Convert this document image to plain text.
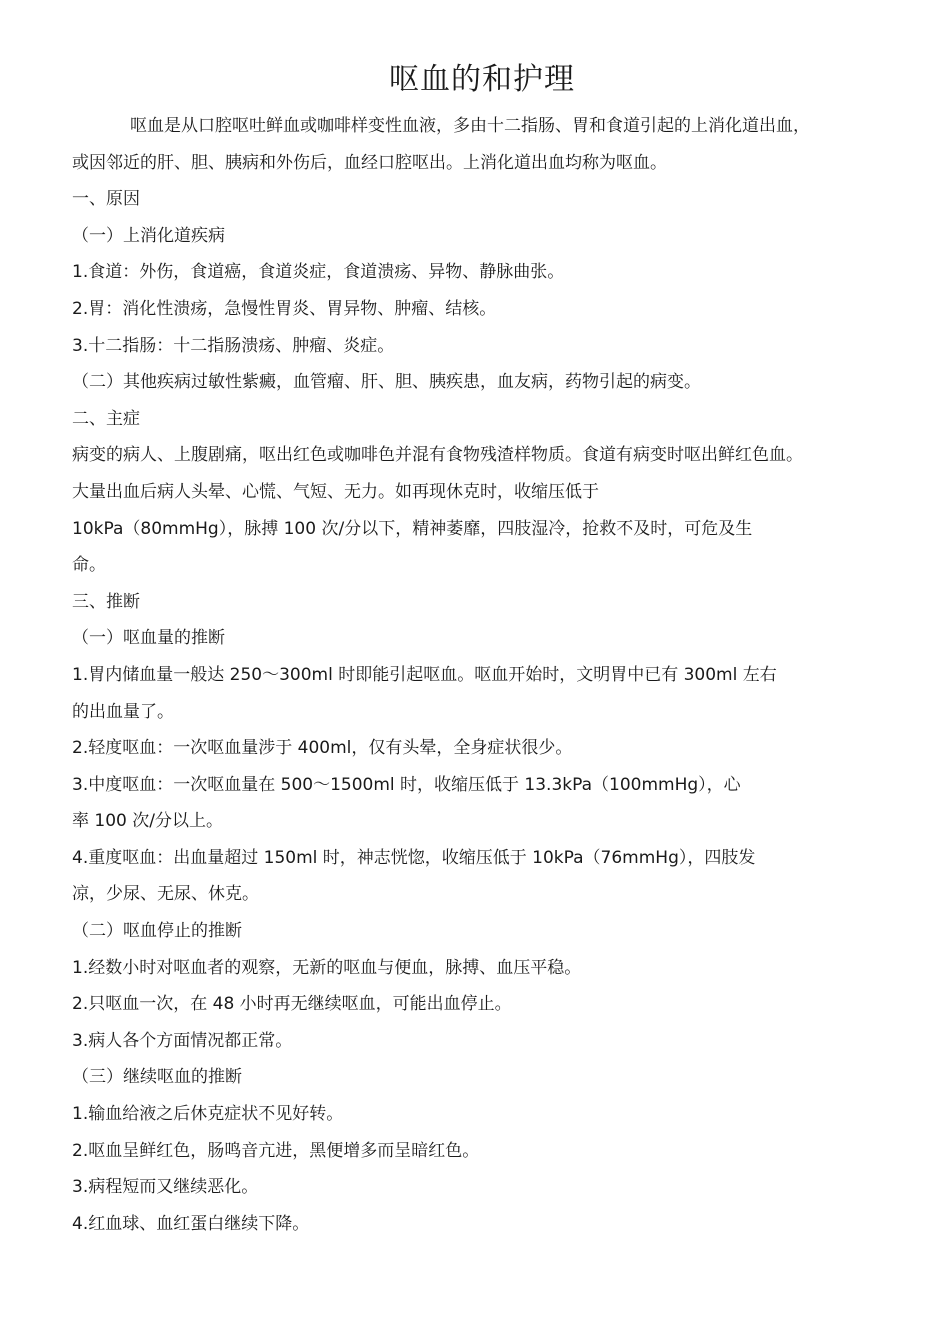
呕血的和护理

呕血是从口腔呕吐鲜血或咖啡样变性血液，多由十二指肠、胃和食道引起的上消化道出血，

或因邻近的肝、胆、胰病和外伤后，血经口腔呕出。上消化道出血均称为呕血。

一、原因

（一）上消化道疾病

1.食道：外伤，食道癌，食道炎症，食道溃疡、异物、静脉曲张。

2.胃：消化性溃疡，急慢性胃炎、胃异物、肿瘤、结核。

3.十二指肠：十二指肠溃疡、肿瘤、炎症。

（二）其他疾病过敏性紫癜，血管瘤、肝、胆、胰疾患，血友病，药物引起的病变。

二、主症

病变的病人、上腹剧痛，呕出红色或咖啡色并混有食物残渣样物质。食道有病变时呕出鲜红色血。

大量出血后病人头晕、心慌、气短、无力。如再现休克时，收缩压低于

10kPa（80mmHg），脉搏 100 次/分以下，精神萎靡，四肢湿冷，抢救不及时，可危及生

命。

三、推断

（一）呕血量的推断

1.胃内储血量一般达 250～300ml 时即能引起呕血。呕血开始时，文明胃中已有 300ml 左右

的出血量了。

2.轻度呕血：一次呕血量涉于 400ml，仅有头晕，全身症状很少。

3.中度呕血：一次呕血量在 500～1500ml 时，收缩压低于 13.3kPa（100mmHg），心

率 100 次/分以上。

4.重度呕血：出血量超过 150ml 时，神志恍惚，收缩压低于 10kPa（76mmHg），四肢发

凉，少尿、无尿、休克。

（二）呕血停止的推断

1.经数小时对呕血者的观察，无新的呕血与便血，脉搏、血压平稳。

2.只呕血一次，在 48 小时再无继续呕血，可能出血停止。

3.病人各个方面情况都正常。

（三）继续呕血的推断

1.输血给液之后休克症状不见好转。

2.呕血呈鲜红色，肠鸣音亢进，黑便增多而呈暗红色。

3.病程短而又继续恶化。

4.红血球、血红蛋白继续下降。
